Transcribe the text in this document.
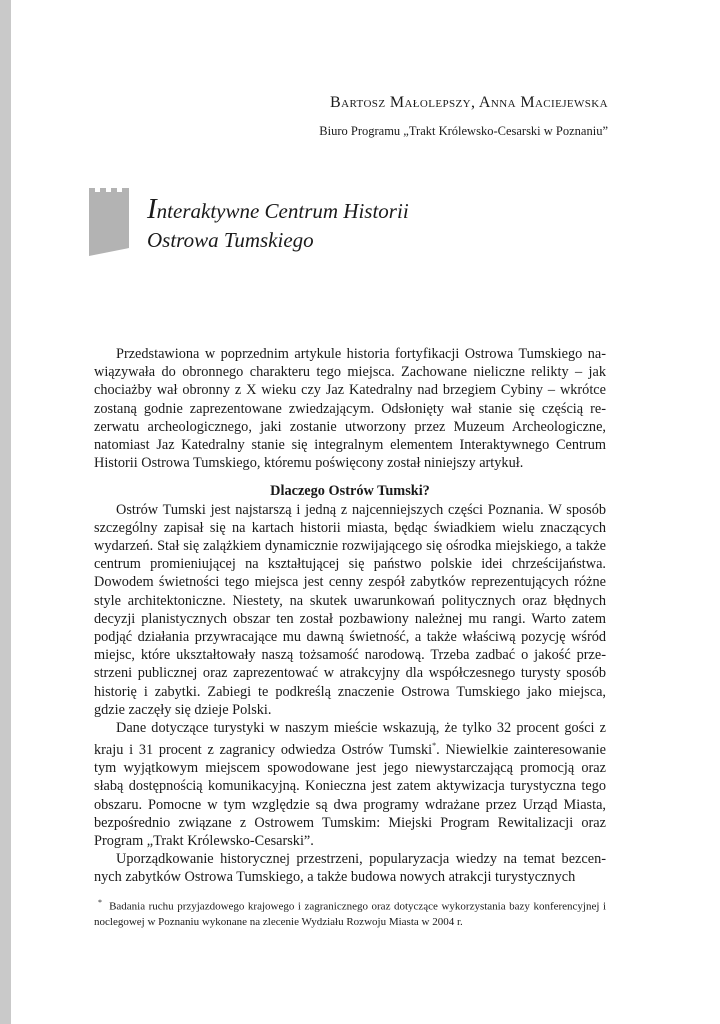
Bartosz Małolepszy, Anna Maciejewska
Biuro Programu „Trakt Królewsko-Cesarski w Poznaniu”
Interaktywne Centrum Historii
Ostrowa Tumskiego

Przedstawiona w poprzednim artykule historia fortyfikacji Ostrowa Tumskiego nawiązywała do obronnego charakteru tego miejsca. Zachowane nieliczne relikty – jak chociażby wał obronny z X wieku czy Jaz Katedralny nad brzegiem Cybiny – wkrótce zostaną godnie zaprezentowane zwiedzającym. Odsłonięty wał stanie się częścią rezerwatu archeologicznego, jaki zostanie utworzony przez Muzeum Archeologiczne, natomiast Jaz Katedralny stanie się integralnym elementem Interaktywnego Centrum Historii Ostrowa Tumskiego, któremu poświęcony został niniejszy artykuł.

Dlaczego Ostrów Tumski?

Ostrów Tumski jest najstarszą i jedną z najcenniejszych części Poznania. W sposób szczególny zapisał się na kartach historii miasta, będąc świadkiem wielu znaczących wydarzeń. Stał się zalążkiem dynamicznie rozwijającego się ośrodka miejskiego, a także centrum promieniującej na kształtującej się państwo polskie idei chrześcijaństwa. Dowodem świetności tego miejsca jest cenny zespół zabytków reprezentujących różne style architektoniczne. Niestety, na skutek uwarunkowań politycznych oraz błędnych decyzji planistycznych obszar ten został pozbawiony należnej mu rangi. Warto zatem podjąć działania przywracające mu dawną świetność, a także właściwą pozycję wśród miejsc, które ukształtowały naszą tożsamość narodową. Trzeba zadbać o jakość przestrzeni publicznej oraz zaprezentować w atrakcyjny dla współczesnego turysty sposób historię i zabytki. Zabiegi te podkreślą znaczenie Ostrowa Tumskiego jako miejsca, gdzie zaczęły się dzieje Polski.

Dane dotyczące turystyki w naszym mieście wskazują, że tylko 32 procent gości z kraju i 31 procent z zagranicy odwiedza Ostrów Tumski*. Niewielkie zainteresowanie tym wyjątkowym miejscem spowodowane jest jego niewystarczającą promocją oraz słabą dostępnością komunikacyjną. Konieczna jest zatem aktywizacja turystyczna tego obszaru. Pomocne w tym względzie są dwa programy wdrażane przez Urząd Miasta, bezpośrednio związane z Ostrowem Tumskim: Miejski Program Rewitalizacji oraz Program „Trakt Królewsko-Cesarski”.

Uporządkowanie historycznej przestrzeni, popularyzacja wiedzy na temat bezcennych zabytków Ostrowa Tumskiego, a także budowa nowych atrakcji turystycznych

* Badania ruchu przyjazdowego krajowego i zagranicznego oraz dotyczące wykorzystania bazy konferencyjnej i noclegowej w Poznaniu wykonane na zlecenie Wydziału Rozwoju Miasta w 2004 r.
